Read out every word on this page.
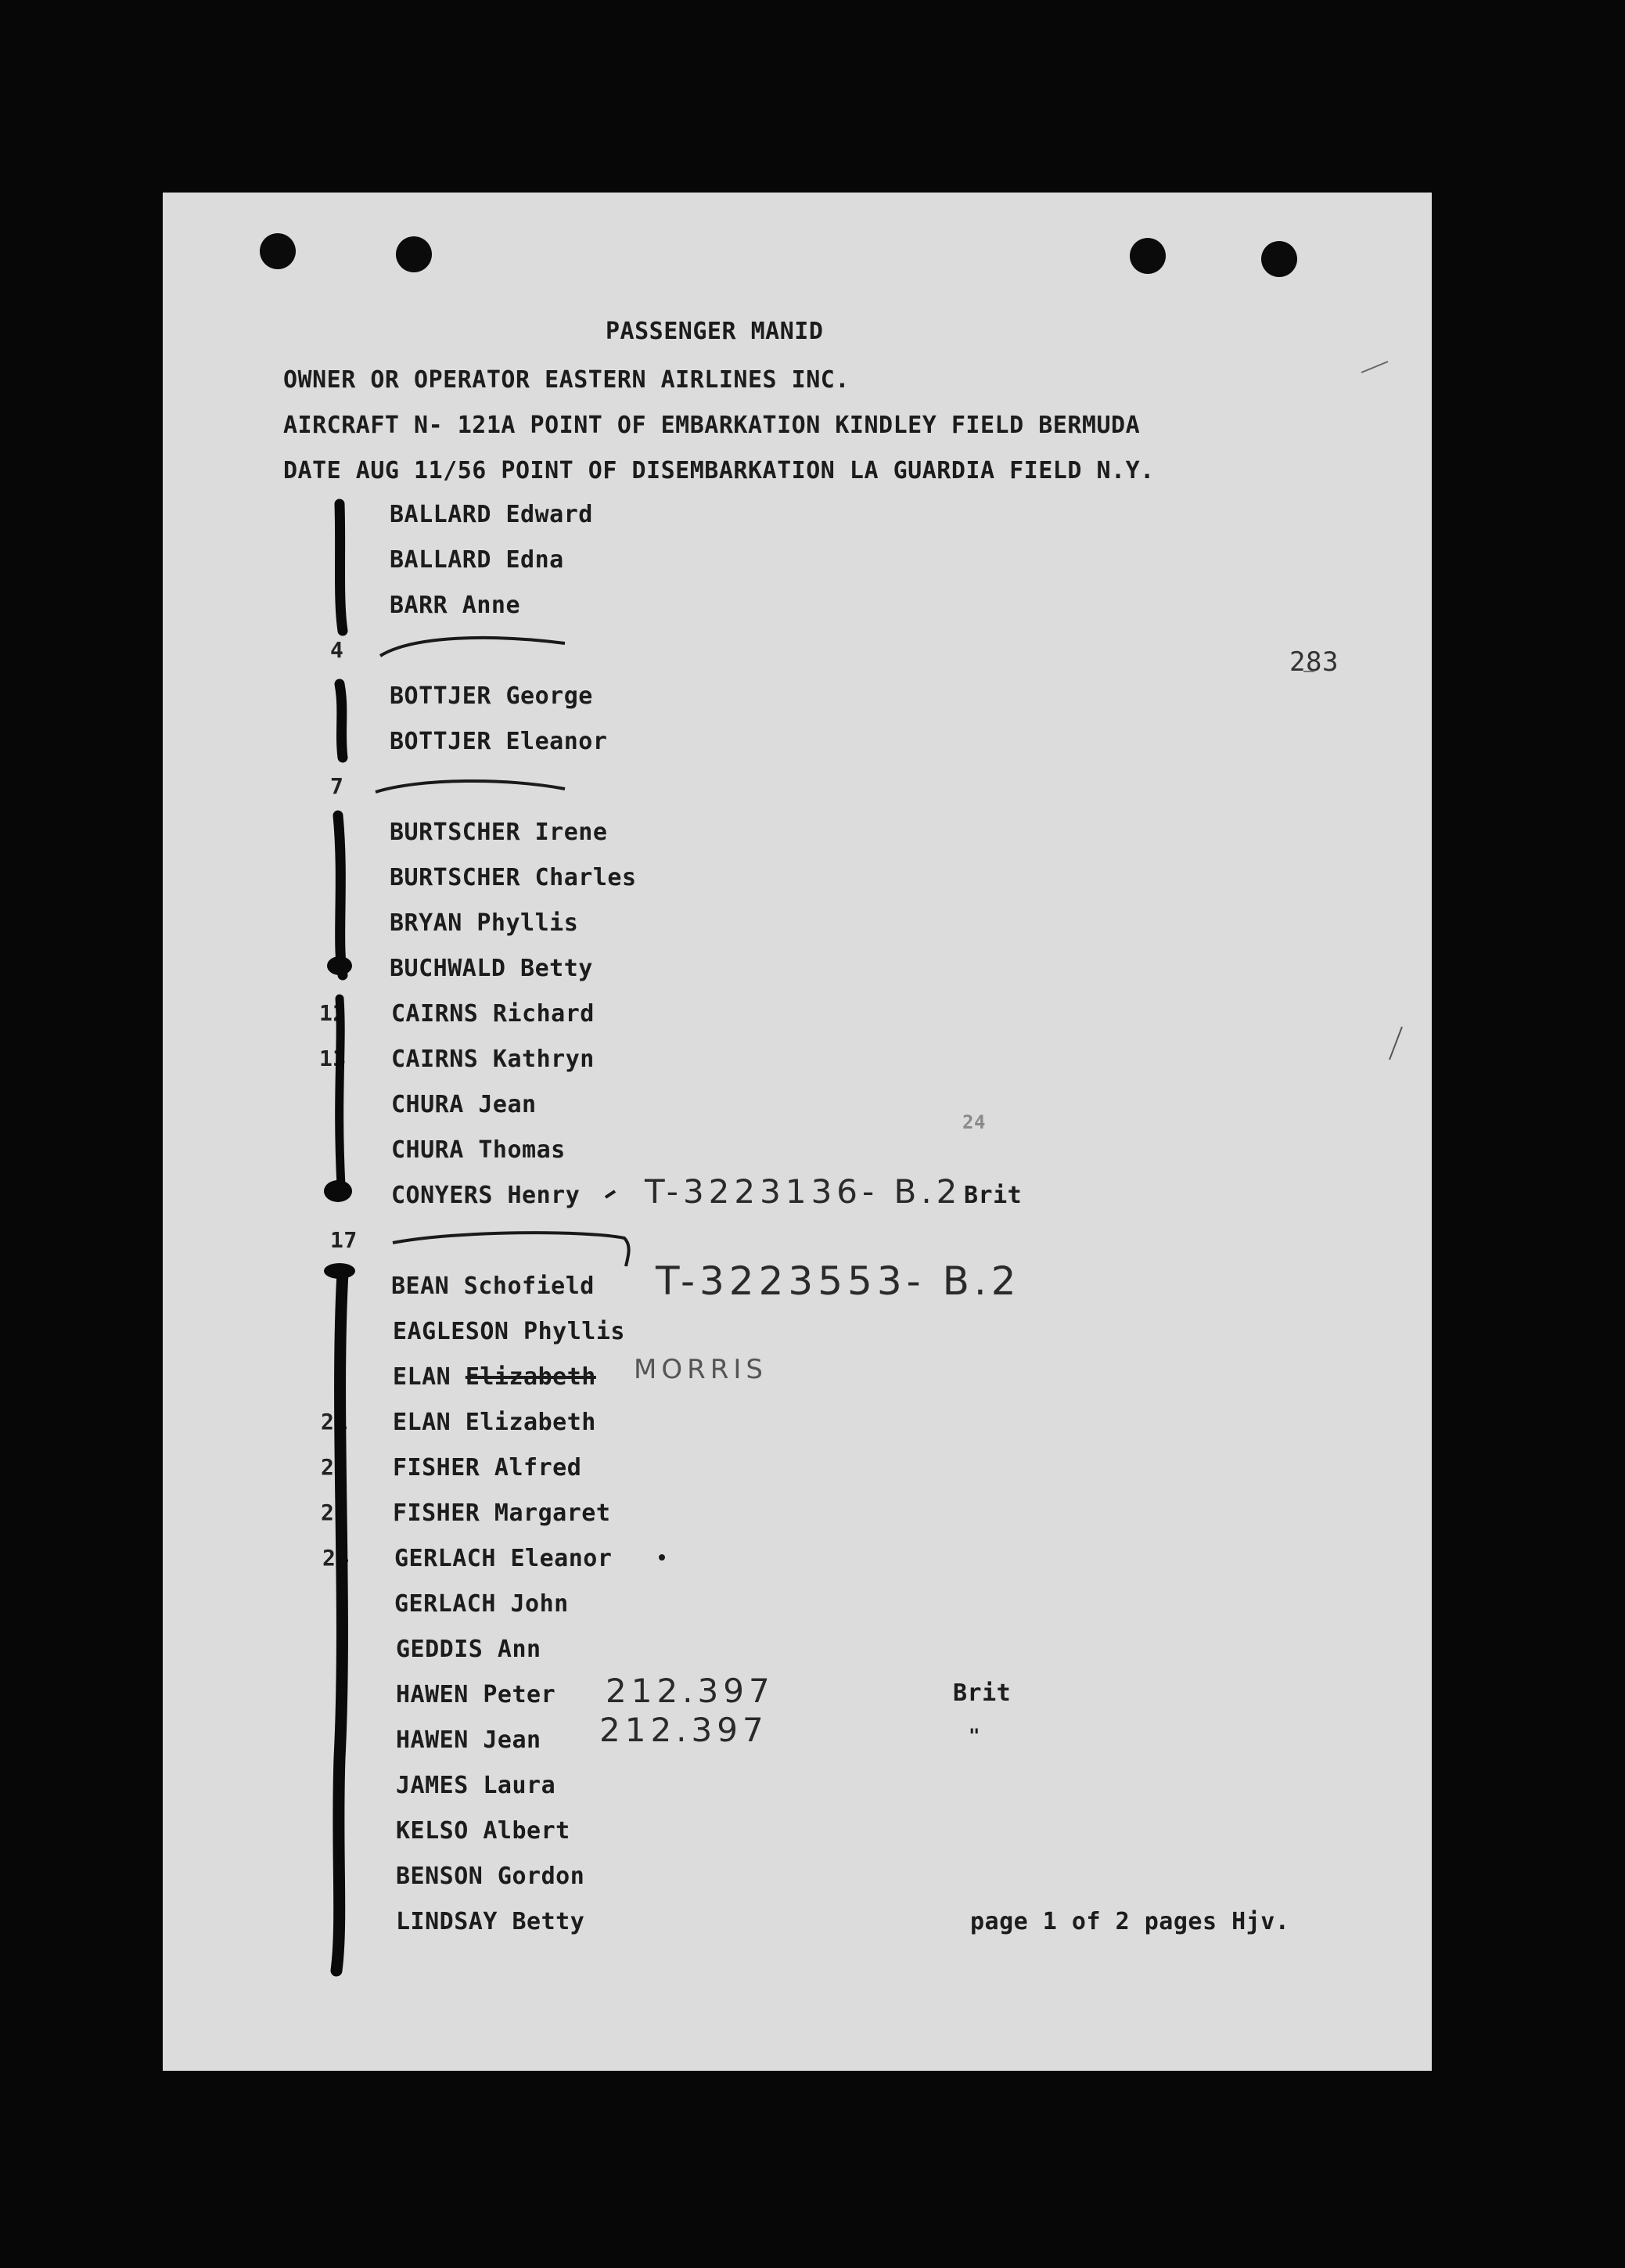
PASSENGER MANID
OWNER OR OPERATOR EASTERN AIRLINES INC.
AIRCRAFT N- 121A POINT OF EMBARKATION KINDLEY FIELD BERMUDA
DATE AUG 11/56 POINT OF DISEMBARKATION LA GUARDIA FIELD N.Y.
283
24
BALLARD Edward
BALLARD Edna
BARR Anne
4
BOTTJER George
BOTTJER Eleanor
7
BURTSCHER Irene
BURTSCHER Charles
BRYAN Phyllis
BUCHWALD Betty
12 CAIRNS Richard
13 CAIRNS Kathryn
CHURA Jean
CHURA Thomas
CONYERS Henry T-3223136- B.2 Brit
17
BEAN Schofield T-3223553- B.2
EAGLESON Phyllis
ELAN Elizabeth MORRIS
21 ELAN Elizabeth
22 FISHER Alfred
23 FISHER Margaret
24 GERLACH Eleanor
GERLACH John
GEDDIS Ann
HAWEN Peter 212.397	Brit
HAWEN Jean 212.397	"
JAMES Laura
KELSO Albert
BENSON Gordon
LINDSAY Betty	page 1 of 2 pages Hjv.
